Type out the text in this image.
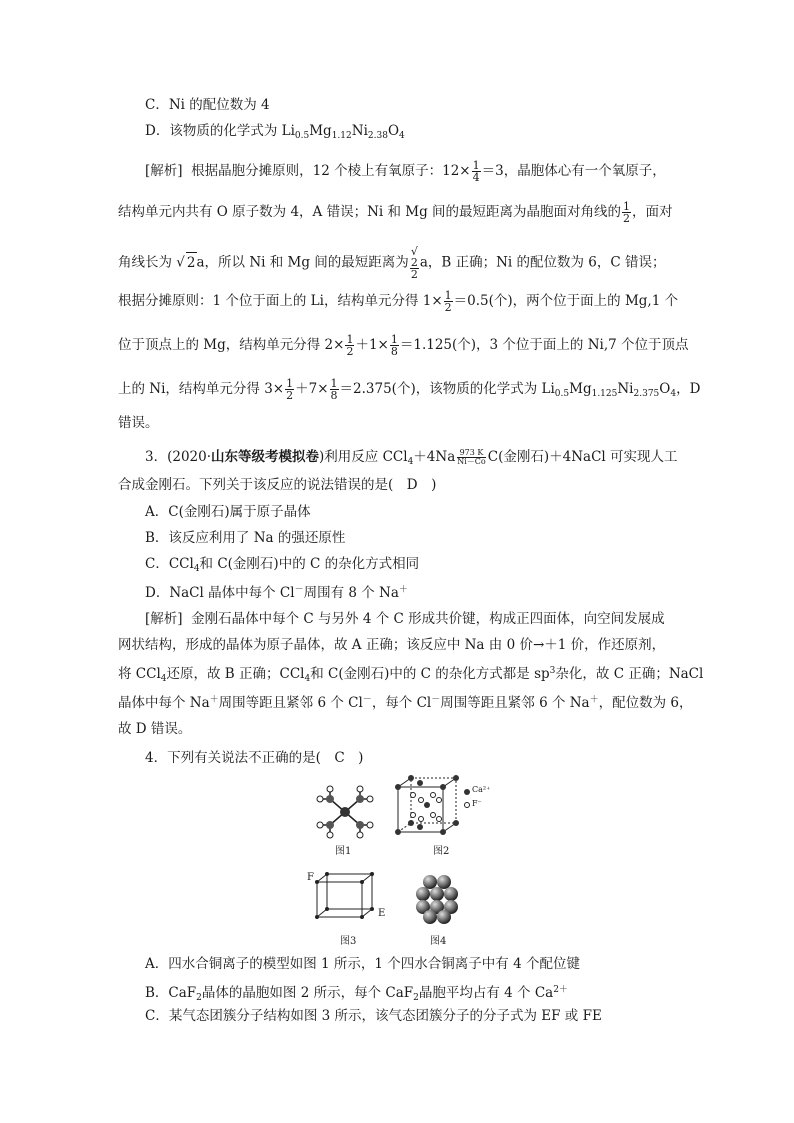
C．Ni 的配位数为 4
D．该物质的化学式为 $Li_{0.5}Mg_{1.12}Ni_{2.38}O_4$
[解析] 根据晶胞分摊原则，12 个棱上有氧原子：$12\times \frac{1}{4} =3$，晶胞体心有一个氧原子，
结构单元内共有 O 原子数为 4，A 错误；Ni 和 Mg 间的最短距离为晶胞面对角线的 $\frac{1}{2}$ ，面对
角线长为 √ 2a，所以 Ni 和 Mg 间的最短距离为 √
2
2 a，B 正确；Ni 的配位数为 6，C 错误；
根据分摊原则：1 个位于面上的 Li，结构单元分得 $1\times \frac{1}{2} =0.5$(个)，两个位于面上的 Mg,1 个
位于顶点上的 Mg，结构单元分得 $2\times \frac{1}{2} +1\times \frac{1}{8} =1.125$(个)，3 个位于面上的 Ni,7 个位于顶点
上的 Ni，结构单元分得 $3\times \frac{1}{2} +7\times \frac{1}{8} =2.375$(个)，该物质的化学式为 $Li_{0.5}Mg_{1.125}Ni_{2.375}O_4$，D
错误。
3．(2020·山东等级考模拟卷)利用反应 $CCl_4+4Na \frac{973 K}{Ni-Co} C$(金刚石)＋4NaCl 可实现人工
合成金刚石。下列关于该反应的说法错误的是(　D　)
A．C(金刚石)属于原子晶体
B．该反应利用了 Na 的强还原性
C．CCl$_4$和 C(金刚石)中的 C 的杂化方式相同
D．NaCl 晶体中每个 Cl－周围有 8 个 Na＋
[解析] 金刚石晶体中每个 C 与另外 4 个 C 形成共价键，构成正四面体，向空间发展成
网状结构，形成的晶体为原子晶体，故 A 正确；该反应中 Na 由 0 价→＋1 价，作还原剂，
将 CCl$_4$还原，故 B 正确；CCl$_4$和 C(金刚石)中的 C 的杂化方式都是 $sp^3$杂化，故 C 正确；NaCl
晶体中每个 Na＋周围等距且紧邻 6 个 Cl－，每个 Cl－周围等距且紧邻 6 个 Na＋，配位数为 6，
故 D 错误。
4．下列有关说法不正确的是(　C　)
图1
Ca²⁺
F⁻
图2
F
E
图3	图4
A．四水合铜离子的模型如图 1 所示，1 个四水合铜离子中有 4 个配位键
B．CaF$_2$晶体的晶胞如图 2 所示，每个 CaF$_2$晶胞平均占有 4 个 $Ca^{2+}$
C．某气态团簇分子结构如图 3 所示，该气态团簇分子的分子式为 EF 或 FE
